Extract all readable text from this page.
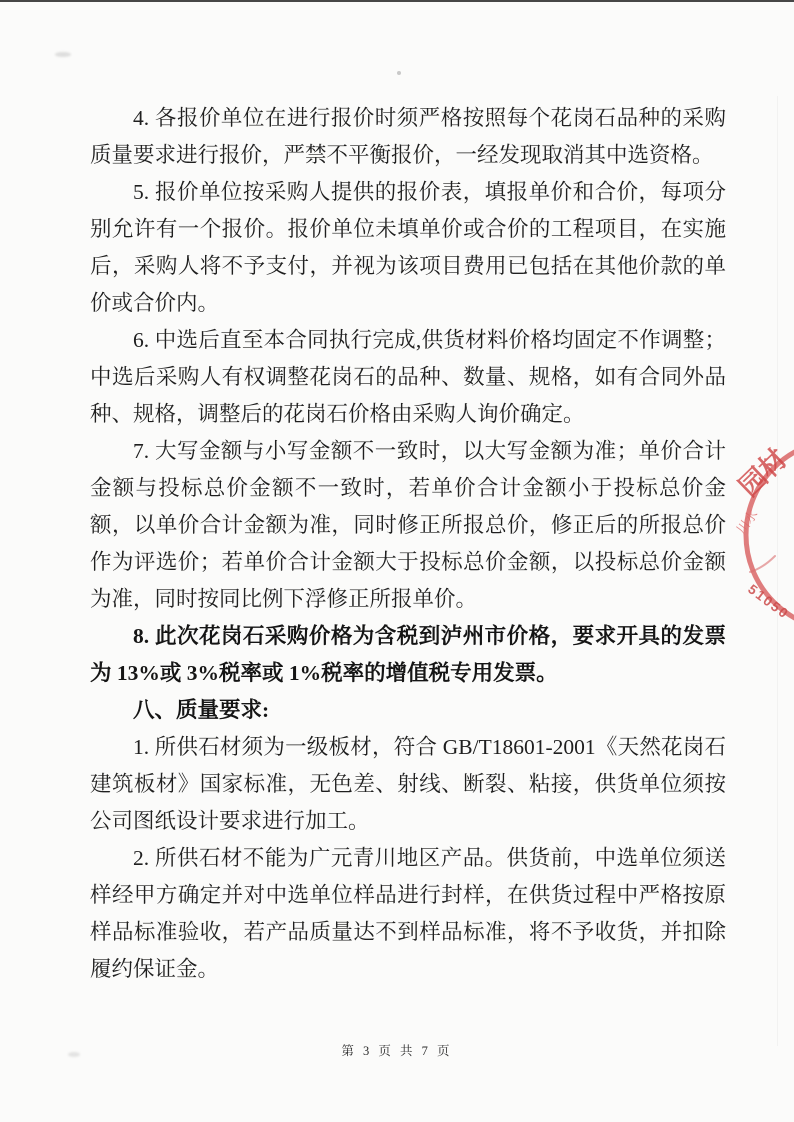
4. 各报价单位在进行报价时须严格按照每个花岗石品种的采购质量要求进行报价，严禁不平衡报价，一经发现取消其中选资格。

5. 报价单位按采购人提供的报价表，填报单价和合价，每项分别允许有一个报价。报价单位未填单价或合价的工程项目，在实施后，采购人将不予支付，并视为该项目费用已包括在其他价款的单价或合价内。

6. 中选后直至本合同执行完成,供货材料价格均固定不作调整；中选后采购人有权调整花岗石的品种、数量、规格，如有合同外品种、规格，调整后的花岗石价格由采购人询价确定。

7. 大写金额与小写金额不一致时，以大写金额为准；单价合计金额与投标总价金额不一致时，若单价合计金额小于投标总价金额，以单价合计金额为准，同时修正所报总价，修正后的所报总价作为评选价；若单价合计金额大于投标总价金额，以投标总价金额为准，同时按同比例下浮修正所报单价。

8. 此次花岗石采购价格为含税到泸州市价格，要求开具的发票为 13%或 3%税率或 1%税率的增值税专用发票。

八、质量要求:

1. 所供石材须为一级板材，符合 GB/T18601-2001《天然花岗石建筑板材》国家标准，无色差、射线、断裂、粘接，供货单位须按公司图纸设计要求进行加工。

2. 所供石材不能为广元青川地区产品。供货前，中选单位须送样经甲方确定并对中选单位样品进行封样，在供货过程中严格按原样品标准验收，若产品质量达不到样品标准，将不予收货，并扣除履约保证金。

园材
川水
51050
第 3 页 共 7 页
